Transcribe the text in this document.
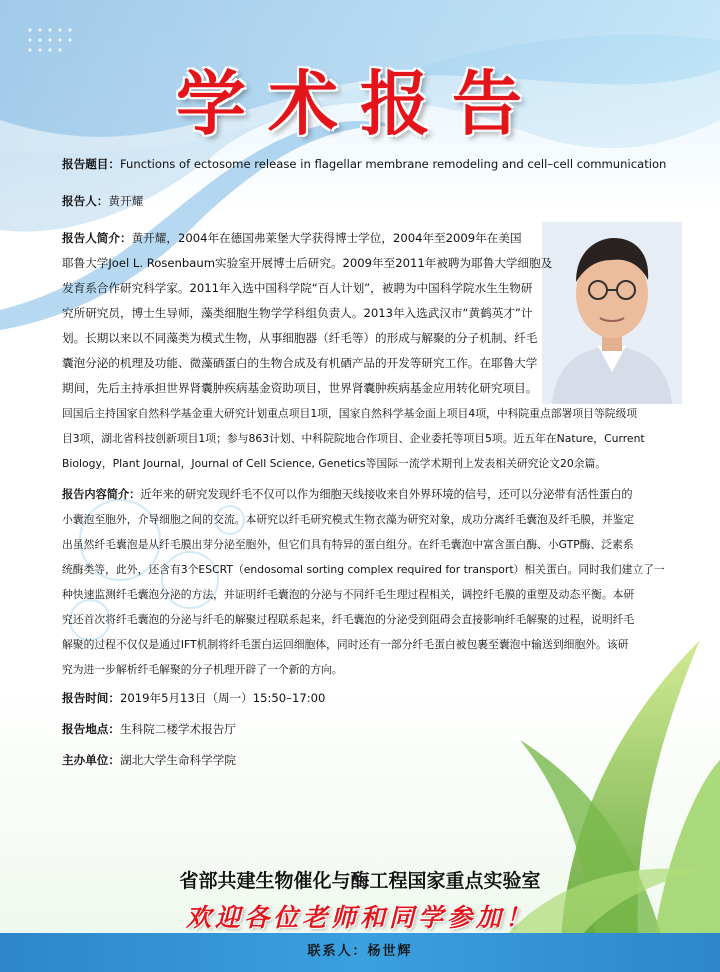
学术报告

报告题目：Functions of ectosome release in flagellar membrane remodeling and cell–cell communication

报告人：黄开耀

报告人简介：黄开耀，2004年在德国弗莱堡大学获得博士学位，2004年至2009年在美国

耶鲁大学Joel L. Rosenbaum实验室开展博士后研究。2009年至2011年被聘为耶鲁大学细胞及

发育系合作研究科学家。2011年入选中国科学院“百人计划”，被聘为中国科学院水生生物研

究所研究员，博士生导师，藻类细胞生物学学科组负责人。2013年入选武汉市“黄鹤英才”计

划。长期以来以不同藻类为模式生物，从事细胞器（纤毛等）的形成与解聚的分子机制、纤毛

囊泡分泌的机理及功能、微藻硒蛋白的生物合成及有机硒产品的开发等研究工作。在耶鲁大学

期间，先后主持承担世界肾囊肿疾病基金资助项目，世界肾囊肿疾病基金应用转化研究项目。

回国后主持国家自然科学基金重大研究计划重点项目1项，国家自然科学基金面上项目4项，中科院重点部署项目等院级项

目3项，湖北省科技创新项目1项；参与863计划、中科院院地合作项目、企业委托等项目5项。近五年在Nature，Current

Biology，Plant Journal，Journal of Cell Science, Genetics等国际一流学术期刊上发表相关研究论文20余篇。

报告内容简介：近年来的研究发现纤毛不仅可以作为细胞天线接收来自外界环境的信号，还可以分泌带有活性蛋白的

小囊泡至胞外，介导细胞之间的交流。本研究以纤毛研究模式生物衣藻为研究对象，成功分离纤毛囊泡及纤毛膜，并鉴定

出虽然纤毛囊泡是从纤毛膜出芽分泌至胞外，但它们具有特异的蛋白组分。在纤毛囊泡中富含蛋白酶、小GTP酶、泛素系

统酶类等，此外，还含有3个ESCRT（endosomal sorting complex required for transport）相关蛋白。同时我们建立了一

种快速监测纤毛囊泡分泌的方法，并证明纤毛囊泡的分泌与不同纤毛生理过程相关，调控纤毛膜的重塑及动态平衡。本研

究还首次将纤毛囊泡的分泌与纤毛的解聚过程联系起来，纤毛囊泡的分泌受到阻碍会直接影响纤毛解聚的过程，说明纤毛

解聚的过程不仅仅是通过IFT机制将纤毛蛋白运回细胞体，同时还有一部分纤毛蛋白被包裹至囊泡中输送到细胞外。该研

究为进一步解析纤毛解聚的分子机理开辟了一个新的方向。

报告时间：2019年5月13日（周一）15:50–17:00

报告地点：生科院二楼学术报告厅

主办单位：湖北大学生命科学学院

省部共建生物催化与酶工程国家重点实验室
欢迎各位老师和同学参加！
联系人：杨世辉
